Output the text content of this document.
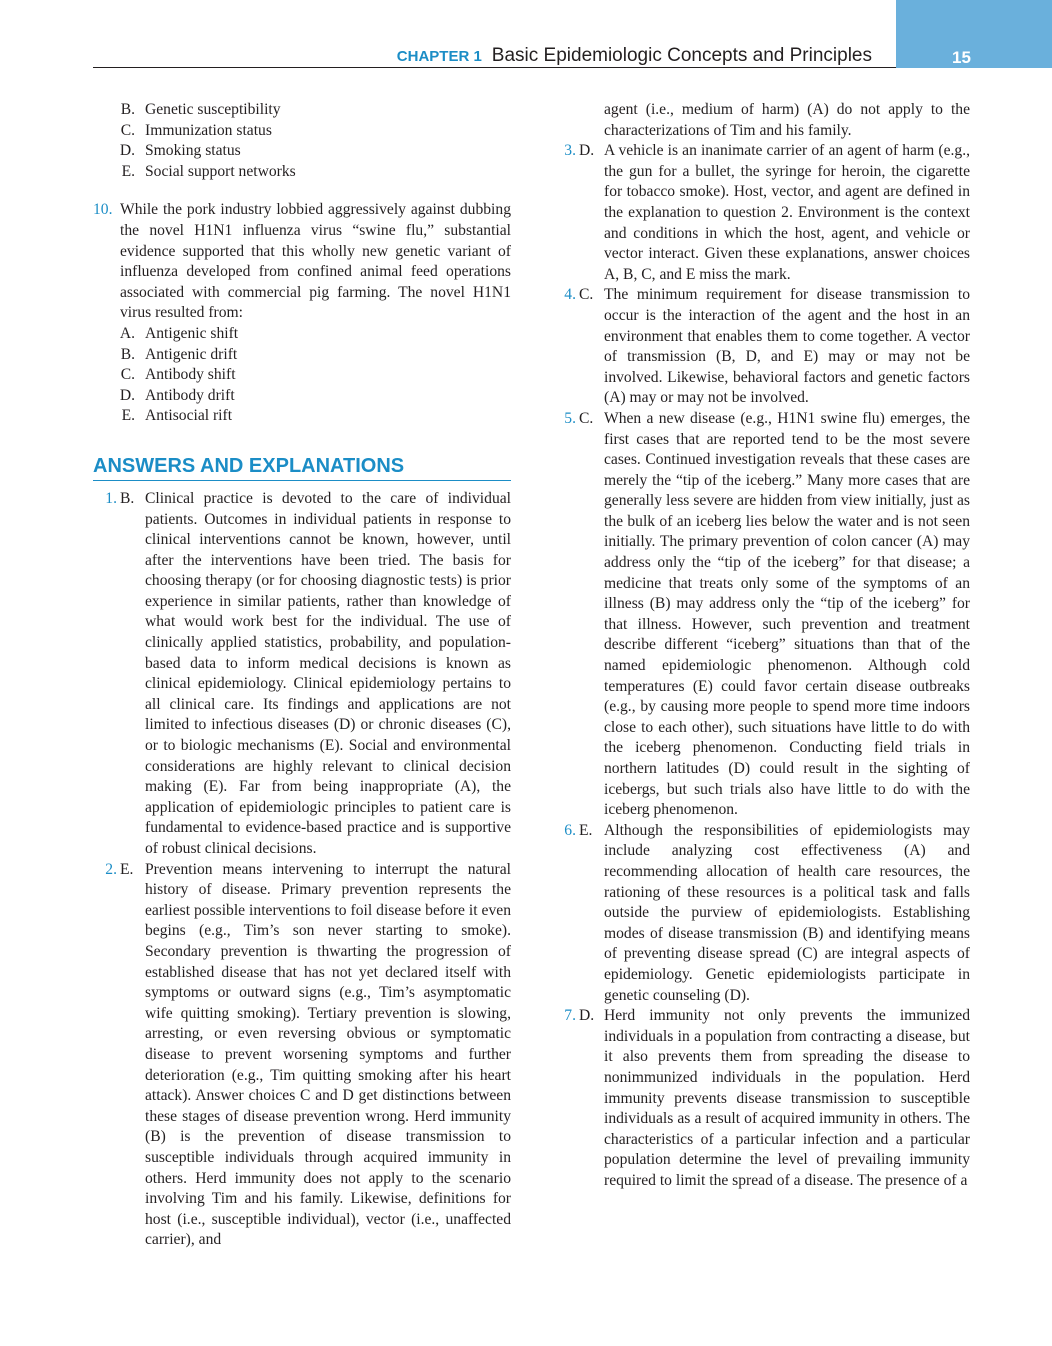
15
CHAPTER 1 Basic Epidemiologic Concepts and Principles
B. Genetic susceptibility
C. Immunization status
D. Smoking status
E. Social support networks
10. While the pork industry lobbied aggressively against dubbing the novel H1N1 influenza virus “swine flu,” substantial evidence supported that this wholly new genetic variant of influenza developed from confined animal feed operations associated with commercial pig farming. The novel H1N1 virus resulted from:
A. Antigenic shift
B. Antigenic drift
C. Antibody shift
D. Antibody drift
E. Antisocial rift
ANSWERS AND EXPLANATIONS
1. B. Clinical practice is devoted to the care of individual patients. Outcomes in individual patients in response to clinical interventions cannot be known, however, until after the interventions have been tried. The basis for choosing therapy (or for choosing diagnostic tests) is prior experience in similar patients, rather than knowledge of what would work best for the individual. The use of clinically applied statistics, probability, and population-based data to inform medical decisions is known as clinical epidemiology. Clinical epidemiology pertains to all clinical care. Its findings and applications are not limited to infectious diseases (D) or chronic diseases (C), or to biologic mechanisms (E). Social and environmental considerations are highly relevant to clinical decision making (E). Far from being inappropriate (A), the application of epidemiologic principles to patient care is fundamental to evidence-based practice and is supportive of robust clinical decisions.
2. E. Prevention means intervening to interrupt the natural history of disease. Primary prevention represents the earliest possible interventions to foil disease before it even begins (e.g., Tim’s son never starting to smoke). Secondary prevention is thwarting the progression of established disease that has not yet declared itself with symptoms or outward signs (e.g., Tim’s asymptomatic wife quitting smoking). Tertiary prevention is slowing, arresting, or even reversing obvious or symptomatic disease to prevent worsening symptoms and further deterioration (e.g., Tim quitting smoking after his heart attack). Answer choices C and D get distinctions between these stages of disease prevention wrong. Herd immunity (B) is the prevention of disease transmission to susceptible individuals through acquired immunity in others. Herd immunity does not apply to the scenario involving Tim and his family. Likewise, definitions for host (i.e., susceptible individual), vector (i.e., unaffected carrier), and
agent (i.e., medium of harm) (A) do not apply to the characterizations of Tim and his family.
3. D. A vehicle is an inanimate carrier of an agent of harm (e.g., the gun for a bullet, the syringe for heroin, the cigarette for tobacco smoke). Host, vector, and agent are defined in the explanation to question 2. Environment is the context and conditions in which the host, agent, and vehicle or vector interact. Given these explanations, answer choices A, B, C, and E miss the mark.
4. C. The minimum requirement for disease transmission to occur is the interaction of the agent and the host in an environment that enables them to come together. A vector of transmission (B, D, and E) may or may not be involved. Likewise, behavioral factors and genetic factors (A) may or may not be involved.
5. C. When a new disease (e.g., H1N1 swine flu) emerges, the first cases that are reported tend to be the most severe cases. Continued investigation reveals that these cases are merely the “tip of the iceberg.” Many more cases that are generally less severe are hidden from view initially, just as the bulk of an iceberg lies below the water and is not seen initially. The primary prevention of colon cancer (A) may address only the “tip of the iceberg” for that disease; a medicine that treats only some of the symptoms of an illness (B) may address only the “tip of the iceberg” for that illness. However, such prevention and treatment describe different “iceberg” situations than that of the named epidemiologic phenomenon. Although cold temperatures (E) could favor certain disease outbreaks (e.g., by causing more people to spend more time indoors close to each other), such situations have little to do with the iceberg phenomenon. Conducting field trials in northern latitudes (D) could result in the sighting of icebergs, but such trials also have little to do with the iceberg phenomenon.
6. E. Although the responsibilities of epidemiologists may include analyzing cost effectiveness (A) and recommending allocation of health care resources, the rationing of these resources is a political task and falls outside the purview of epidemiologists. Establishing modes of disease transmission (B) and identifying means of preventing disease spread (C) are integral aspects of epidemiology. Genetic epidemiologists participate in genetic counseling (D).
7. D. Herd immunity not only prevents the immunized individuals in a population from contracting a disease, but it also prevents them from spreading the disease to nonimmunized individuals in the population. Herd immunity prevents disease transmission to susceptible individuals as a result of acquired immunity in others. The characteristics of a particular infection and a particular population determine the level of prevailing immunity required to limit the spread of a disease. The presence of a
